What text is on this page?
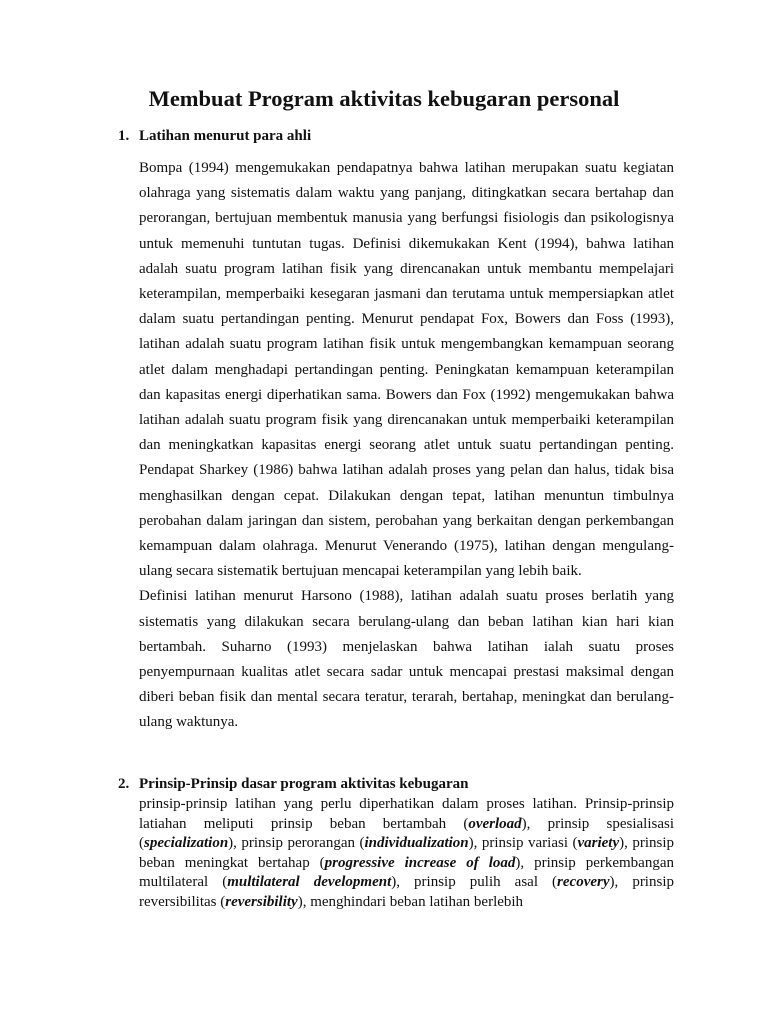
Membuat Program aktivitas kebugaran personal
1. Latihan menurut para ahli

Bompa (1994) mengemukakan pendapatnya bahwa latihan merupakan suatu kegiatan olahraga yang sistematis dalam waktu yang panjang, ditingkatkan secara bertahap dan perorangan, bertujuan membentuk manusia yang berfungsi fisiologis dan psikologisnya untuk memenuhi tuntutan tugas. Definisi dikemukakan Kent (1994), bahwa latihan adalah suatu program latihan fisik yang direncanakan untuk membantu mempelajari keterampilan, memperbaiki kesegaran jasmani dan terutama untuk mempersiapkan atlet dalam suatu pertandingan penting. Menurut pendapat Fox, Bowers dan Foss (1993), latihan adalah suatu program latihan fisik untuk mengembangkan kemampuan seorang atlet dalam menghadapi pertandingan penting. Peningkatan kemampuan keterampilan dan kapasitas energi diperhatikan sama. Bowers dan Fox (1992) mengemukakan bahwa latihan adalah suatu program fisik yang direncanakan untuk memperbaiki keterampilan dan meningkatkan kapasitas energi seorang atlet untuk suatu pertandingan penting. Pendapat Sharkey (1986) bahwa latihan adalah proses yang pelan dan halus, tidak bisa menghasilkan dengan cepat. Dilakukan dengan tepat, latihan menuntun timbulnya perobahan dalam jaringan dan sistem, perobahan yang berkaitan dengan perkembangan kemampuan dalam olahraga. Menurut Venerando (1975), latihan dengan mengulang-ulang secara sistematik bertujuan mencapai keterampilan yang lebih baik.

Definisi latihan menurut Harsono (1988), latihan adalah suatu proses berlatih yang sistematis yang dilakukan secara berulang-ulang dan beban latihan kian hari kian bertambah. Suharno (1993) menjelaskan bahwa latihan ialah suatu proses penyempurnaan kualitas atlet secara sadar untuk mencapai prestasi maksimal dengan diberi beban fisik dan mental secara teratur, terarah, bertahap, meningkat dan berulang-ulang waktunya.

2. Prinsip-Prinsip dasar program aktivitas kebugaran

prinsip-prinsip latihan yang perlu diperhatikan dalam proses latihan. Prinsip-prinsip latiahan meliputi prinsip beban bertambah (overload), prinsip spesialisasi (specialization), prinsip perorangan (individualization), prinsip variasi (variety), prinsip beban meningkat bertahap (progressive increase of load), prinsip perkembangan multilateral (multilateral development), prinsip pulih asal (recovery), prinsip reversibilitas (reversibility), menghindari beban latihan berlebih
